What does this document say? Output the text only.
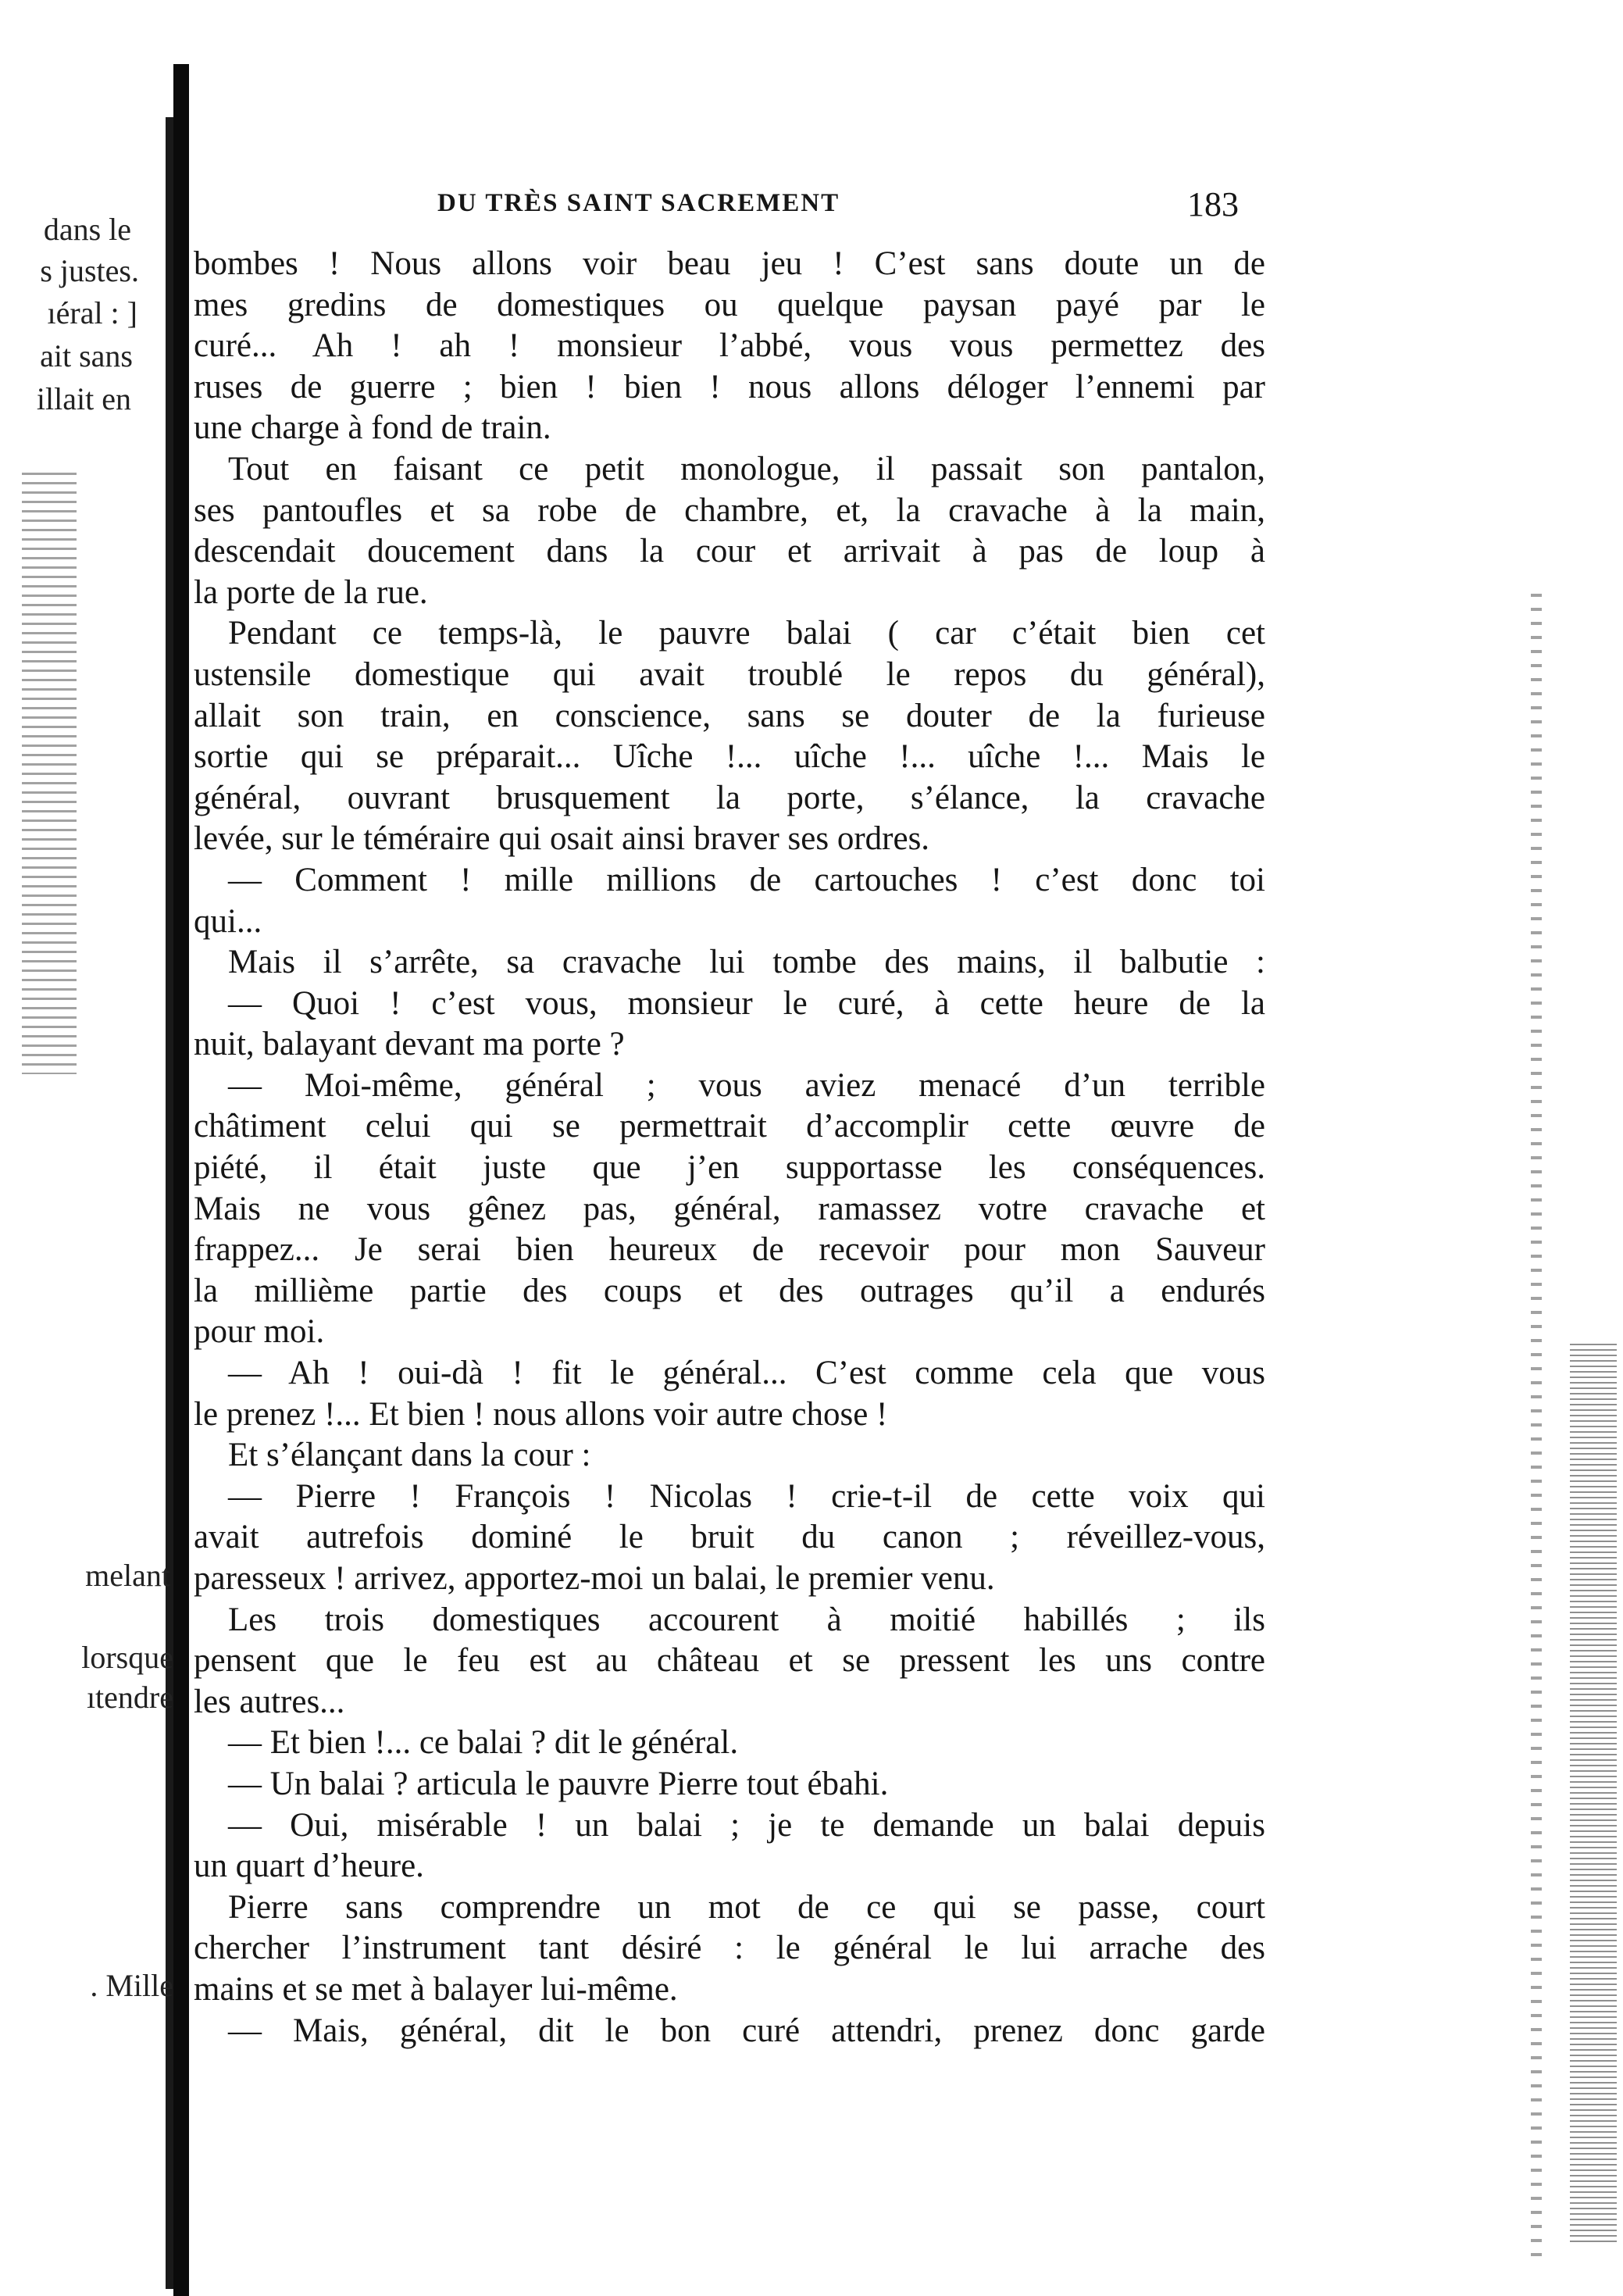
dans le
s justes.
ıéral : ]
ait sans
illait en
melant
lorsque
ıtendre
. Mille
DU TRÈS SAINT SACREMENT	183
bombes ! Nous allons voir beau jeu ! C’est sans doute un de
mes gredins de domestiques ou quelque paysan payé par le
curé... Ah ! ah ! monsieur l’abbé, vous vous permettez des
ruses de guerre ; bien ! bien ! nous allons déloger l’ennemi par
une charge à fond de train.
Tout en faisant ce petit monologue, il passait son pantalon,
ses pantoufles et sa robe de chambre, et, la cravache à la main,
descendait doucement dans la cour et arrivait à pas de loup à
la porte de la rue.
Pendant ce temps-là, le pauvre balai ( car c’était bien cet
ustensile domestique qui avait troublé le repos du général),
allait son train, en conscience, sans se douter de la furieuse
sortie qui se préparait... Uîche !... uîche !... uîche !... Mais le
général, ouvrant brusquement la porte, s’élance, la cravache
levée, sur le téméraire qui osait ainsi braver ses ordres.
— Comment ! mille millions de cartouches ! c’est donc toi
qui...
Mais il s’arrête, sa cravache lui tombe des mains, il balbutie :
— Quoi ! c’est vous, monsieur le curé, à cette heure de la
nuit, balayant devant ma porte ?
— Moi-même, général ; vous aviez menacé d’un terrible
châtiment celui qui se permettrait d’accomplir cette œuvre de
piété, il était juste que j’en supportasse les conséquences.
Mais ne vous gênez pas, général, ramassez votre cravache et
frappez... Je serai bien heureux de recevoir pour mon Sauveur
la millième partie des coups et des outrages qu’il a endurés
pour moi.
— Ah ! oui-dà ! fit le général... C’est comme cela que vous
le prenez !... Et bien ! nous allons voir autre chose !
Et s’élançant dans la cour :
— Pierre ! François ! Nicolas ! crie-t-il de cette voix qui
avait autrefois dominé le bruit du canon ; réveillez-vous,
paresseux ! arrivez, apportez-moi un balai, le premier venu.
Les trois domestiques accourent à moitié habillés ; ils
pensent que le feu est au château et se pressent les uns contre
les autres...
— Et bien !... ce balai ? dit le général.
— Un balai ? articula le pauvre Pierre tout ébahi.
— Oui, misérable ! un balai ; je te demande un balai depuis
un quart d’heure.
Pierre sans comprendre un mot de ce qui se passe, court
chercher l’instrument tant désiré : le général le lui arrache des
mains et se met à balayer lui-même.
— Mais, général, dit le bon curé attendri, prenez donc garde
